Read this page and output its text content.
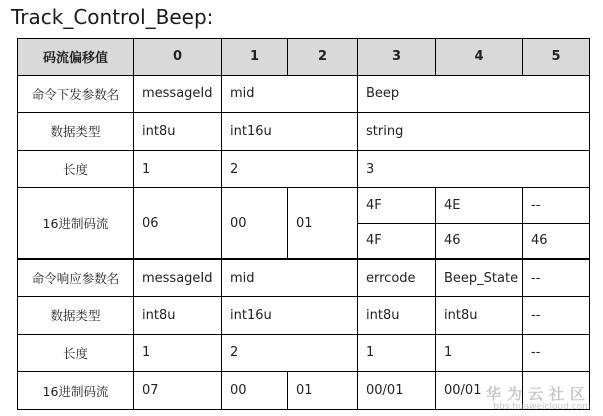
Track_Control_Beep:
码流偏移值	0	1	2	3	4	5
命令下发参数名	messageId	mid		Beep		
数据类型	int8u	int16u		string		
长度	1	2		3		
16进制码流	06	00	01	4F	4E	--
				4F	46	46
命令响应参数名	messageId	mid		errcode	Beep_State	--
数据类型	int8u	int16u		int8u	int8u	--
长度	1	2		1	1	--
16进制码流	07	00	01	00/01	00/01	华为云社区
bbs.huaweicloud.com
